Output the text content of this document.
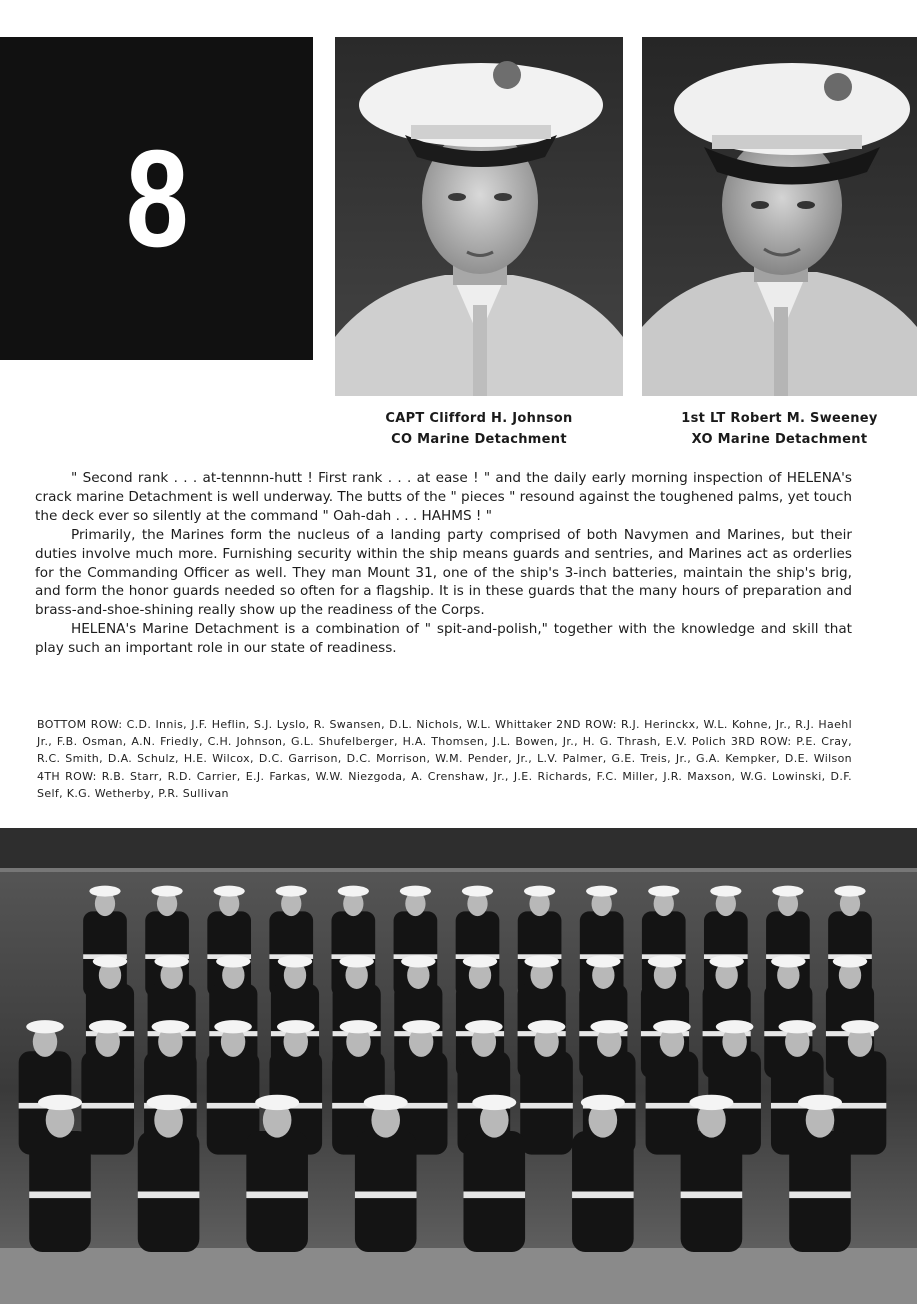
8
CAPT Clifford H. Johnson
CO Marine Detachment
1st LT Robert M. Sweeney
XO Marine Detachment

" Second rank . . . at-tennnn-hutt ! First rank . . . at ease ! " and the daily early morning inspection of HELENA's crack marine Detachment is well underway. The butts of the " pieces " resound against the toughened palms, yet touch the deck ever so silently at the command " Oah-dah . . . HAHMS ! "

Primarily, the Marines form the nucleus of a landing party comprised of both Navymen and Marines, but their duties involve much more. Furnishing security within the ship means guards and sentries, and Marines act as orderlies for the Commanding Officer as well. They man Mount 31, one of the ship's 3-inch batteries, maintain the ship's brig, and form the honor guards needed so often for a flagship. It is in these guards that the many hours of preparation and brass-and-shoe-shining really show up the readiness of the Corps.

HELENA's Marine Detachment is a combination of " spit-and-polish," together with the knowledge and skill that play such an important role in our state of readiness.

BOTTOM ROW: C.D. Innis, J.F. Heflin, S.J. Lyslo, R. Swansen, D.L. Nichols, W.L. Whittaker 2ND ROW: R.J. Herinckx, W.L. Kohne, Jr., R.J. Haehl Jr., F.B. Osman, A.N. Friedly, C.H. Johnson, G.L. Shufelberger, H.A. Thomsen, J.L. Bowen, Jr., H. G. Thrash, E.V. Polich 3RD ROW: P.E. Cray, R.C. Smith, D.A. Schulz, H.E. Wilcox, D.C. Garrison, D.C. Morrison, W.M. Pender, Jr., L.V. Palmer, G.E. Treis, Jr., G.A. Kempker, D.E. Wilson 4TH ROW: R.B. Starr, R.D. Carrier, E.J. Farkas, W.W. Niezgoda, A. Crenshaw, Jr., J.E. Richards, F.C. Miller, J.R. Maxson, W.G. Lowinski, D.F. Self, K.G. Wetherby, P.R. Sullivan
